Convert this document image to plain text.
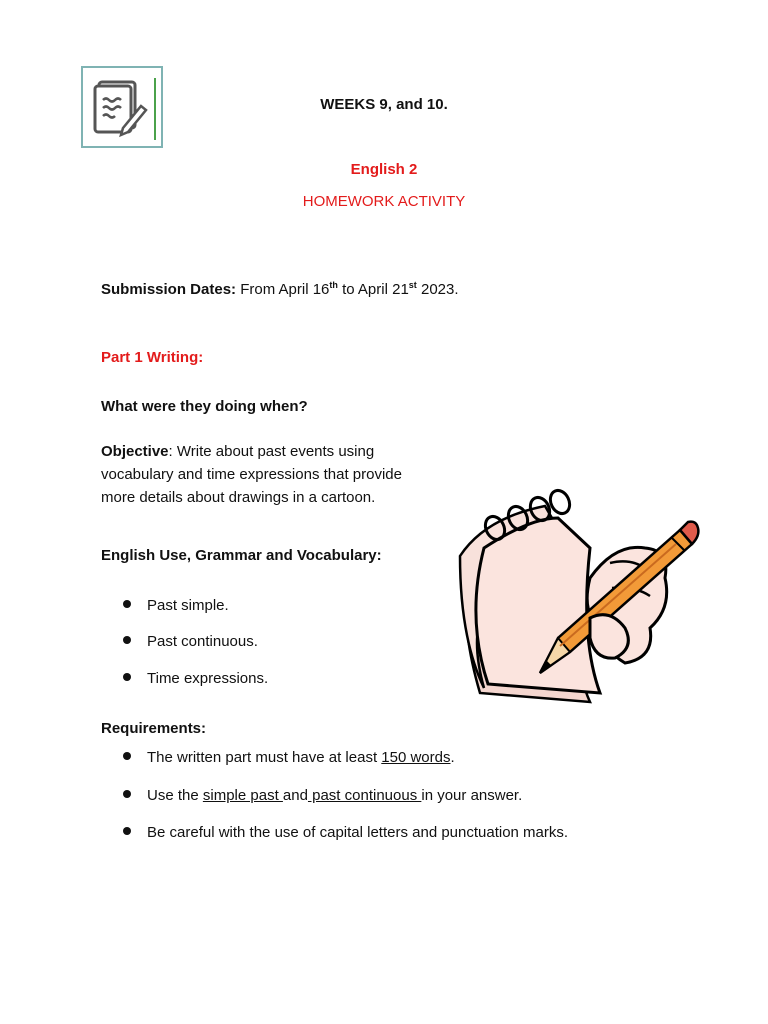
WEEKS 9, and 10.
English 2
HOMEWORK ACTIVITY
Submission Dates: From April 16th to April 21st 2023.
Part 1 Writing:
What were they doing when?
Objective: Write about past events using
vocabulary and time expressions that provide
more details about drawings in a cartoon.
English Use, Grammar and Vocabulary:
Past simple.
Past continuous.
Time expressions.
Requirements:
The written part must have at least 150 words.
Use the simple past and past continuous in your answer.
Be careful with the use of capital letters and punctuation marks.
